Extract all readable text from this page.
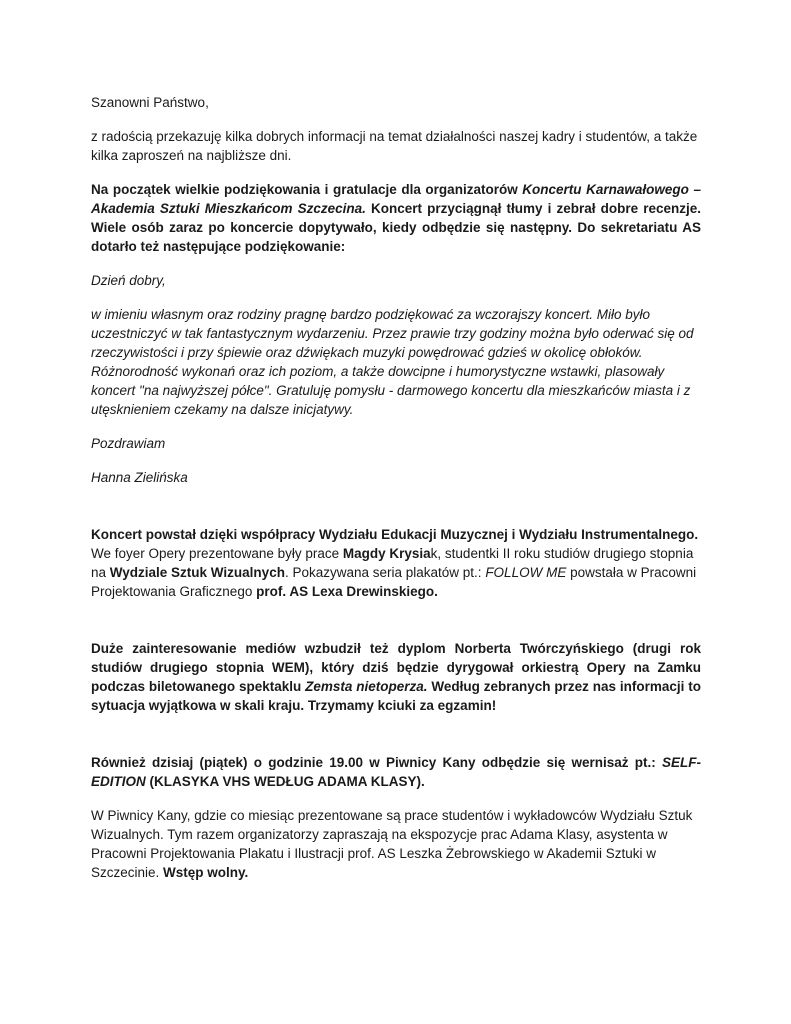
Szanowni Państwo,

z radością przekazuję kilka dobrych informacji na temat działalności naszej kadry i studentów, a także kilka zaproszeń na najbliższe dni.

Na początek wielkie podziękowania i gratulacje dla organizatorów Koncertu Karnawałowego – Akademia Sztuki Mieszkańcom Szczecina. Koncert przyciągnął tłumy i zebrał dobre recenzje. Wiele osób zaraz po koncercie dopytywało, kiedy odbędzie się następny. Do sekretariatu AS dotarło też następujące podziękowanie:

Dzień dobry,

w imieniu własnym oraz rodziny pragnę bardzo podziękować za wczorajszy koncert. Miło było uczestniczyć w tak fantastycznym wydarzeniu. Przez prawie trzy godziny można było oderwać się od rzeczywistości i przy śpiewie oraz dźwiękach muzyki powędrować gdzieś w okolicę obłoków. Różnorodność wykonań oraz ich poziom, a także dowcipne i humorystyczne wstawki, plasowały koncert "na najwyższej półce". Gratuluję pomysłu - darmowego koncertu dla mieszkańców miasta i z utęsknieniem czekamy na dalsze inicjatywy.

Pozdrawiam

Hanna Zielińska

Koncert powstał dzięki współpracy Wydziału Edukacji Muzycznej i Wydziału Instrumentalnego. We foyer Opery prezentowane były prace Magdy Krysiak, studentki II roku studiów drugiego stopnia na Wydziale Sztuk Wizualnych. Pokazywana seria plakatów pt.: FOLLOW ME powstała w Pracowni Projektowania Graficznego prof. AS Lexa Drewinskiego.

Duże zainteresowanie mediów wzbudził też dyplom Norberta Twórczyńskiego (drugi rok studiów drugiego stopnia WEM), który dziś będzie dyrygował orkiestrą Opery na Zamku podczas biletowanego spektaklu Zemsta nietoperza. Według zebranych przez nas informacji to sytuacja wyjątkowa w skali kraju. Trzymamy kciuki za egzamin!

Również dzisiaj (piątek) o godzinie 19.00 w Piwnicy Kany odbędzie się wernisaż pt.: SELF-EDITION (KLASYKA VHS WEDŁUG ADAMA KLASY).

W Piwnicy Kany, gdzie co miesiąc prezentowane są prace studentów i wykładowców Wydziału Sztuk Wizualnych. Tym razem organizatorzy zapraszają na ekspozycje prac Adama Klasy, asystenta w Pracowni Projektowania Plakatu i Ilustracji prof. AS Leszka Żebrowskiego w Akademii Sztuki w Szczecinie. Wstęp wolny.
